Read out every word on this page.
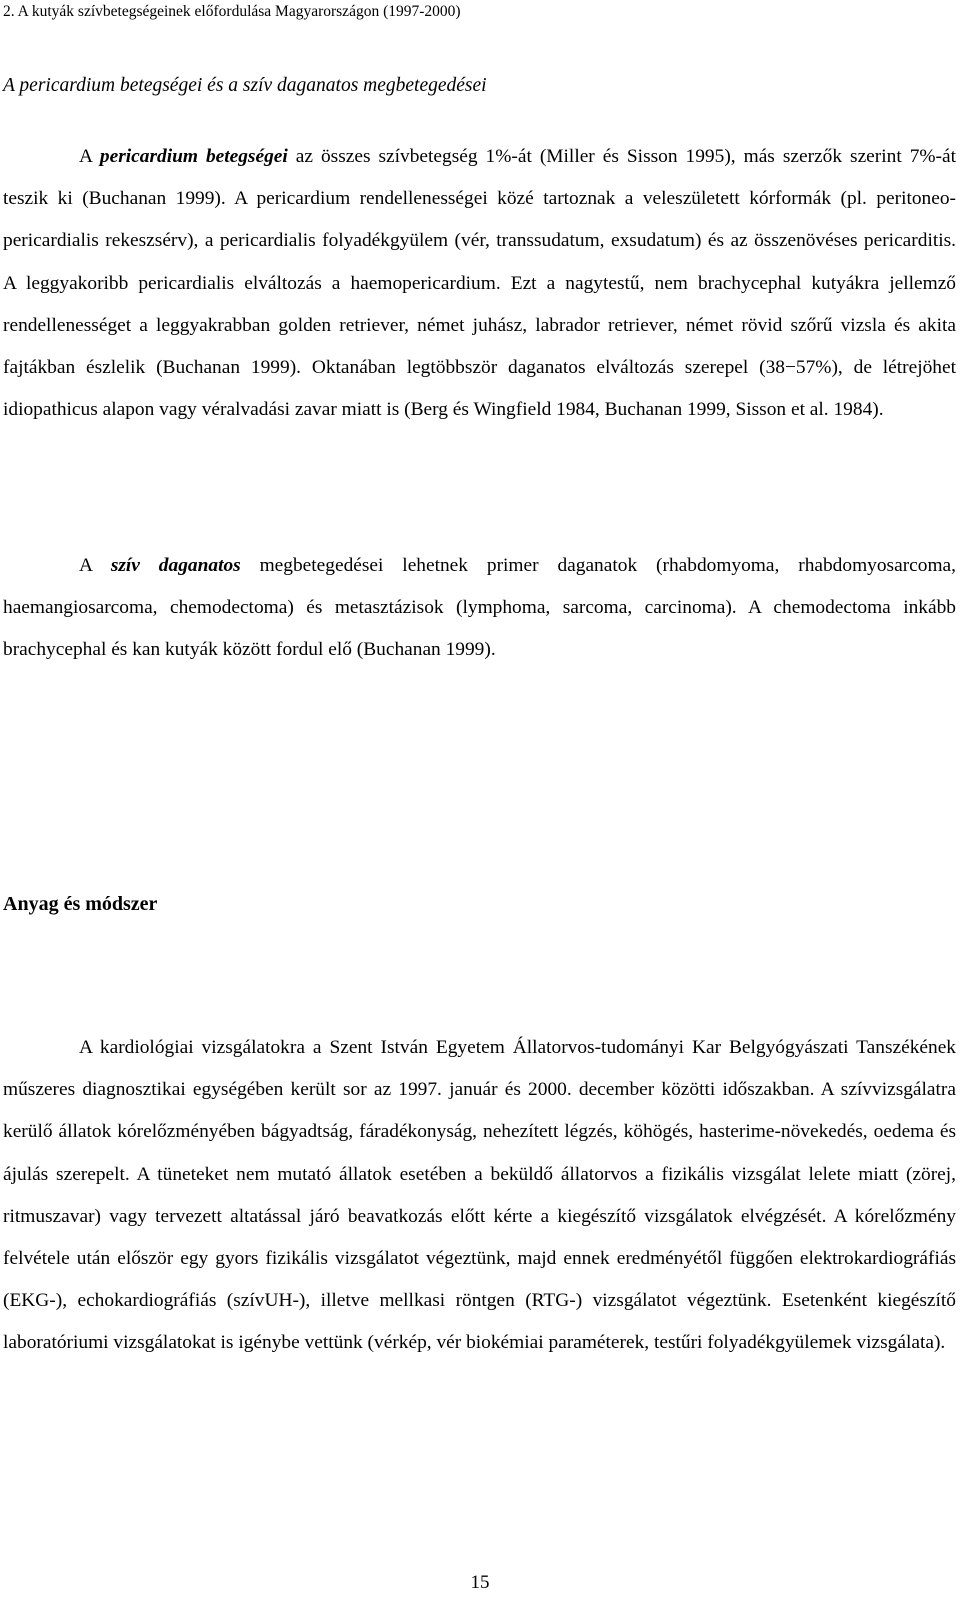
2. A kutyák szívbetegségeinek előfordulása Magyarországon (1997-2000)
A pericardium betegségei és a szív daganatos megbetegedései

A pericardium betegségei az összes szívbetegség 1%-át (Miller és Sisson 1995), más szerzők szerint 7%-át teszik ki (Buchanan 1999). A pericardium rendellenességei közé tartoznak a veleszületett kórformák (pl. peritoneo-pericardialis rekeszsérv), a pericardialis folyadékgyülem (vér, transsudatum, exsudatum) és az összenövéses pericarditis. A leggyakoribb pericardialis elváltozás a haemopericardium. Ezt a nagytestű, nem brachycephal kutyákra jellemző rendellenességet a leggyakrabban golden retriever, német juhász, labrador retriever, német rövid szőrű vizsla és akita fajtákban észlelik (Buchanan 1999). Oktanában legtöbbször daganatos elváltozás szerepel (38−57%), de létrejöhet idiopathicus alapon vagy véralvadási zavar miatt is (Berg és Wingfield 1984, Buchanan 1999, Sisson et al. 1984).

A szív daganatos megbetegedései lehetnek primer daganatok (rhabdomyoma, rhabdomyosarcoma, haemangiosarcoma, chemodectoma) és metasztázisok (lymphoma, sarcoma, carcinoma). A chemodectoma inkább brachycephal és kan kutyák között fordul elő (Buchanan 1999).

Anyag és módszer

A kardiológiai vizsgálatokra a Szent István Egyetem Állatorvos-tudományi Kar Belgyógyászati Tanszékének műszeres diagnosztikai egységében került sor az 1997. január és 2000. december közötti időszakban. A szívvizsgálatra kerülő állatok kórelőzményében bágyadtság, fáradékonyság, nehezített légzés, köhögés, hasterime-növekedés, oedema és ájulás szerepelt. A tüneteket nem mutató állatok esetében a beküldő állatorvos a fizikális vizsgálat lelete miatt (zörej, ritmuszavar) vagy tervezett altatással járó beavatkozás előtt kérte a kiegészítő vizsgálatok elvégzését. A kórelőzmény felvétele után először egy gyors fizikális vizsgálatot végeztünk, majd ennek eredményétől függően elektrokardiográfiás (EKG-), echokardiográfiás (szívUH-), illetve mellkasi röntgen (RTG-) vizsgálatot végeztünk. Esetenként kiegészítő laboratóriumi vizsgálatokat is igénybe vettünk (vérkép, vér biokémiai paraméterek, testűri folyadékgyülemek vizsgálata).

15
